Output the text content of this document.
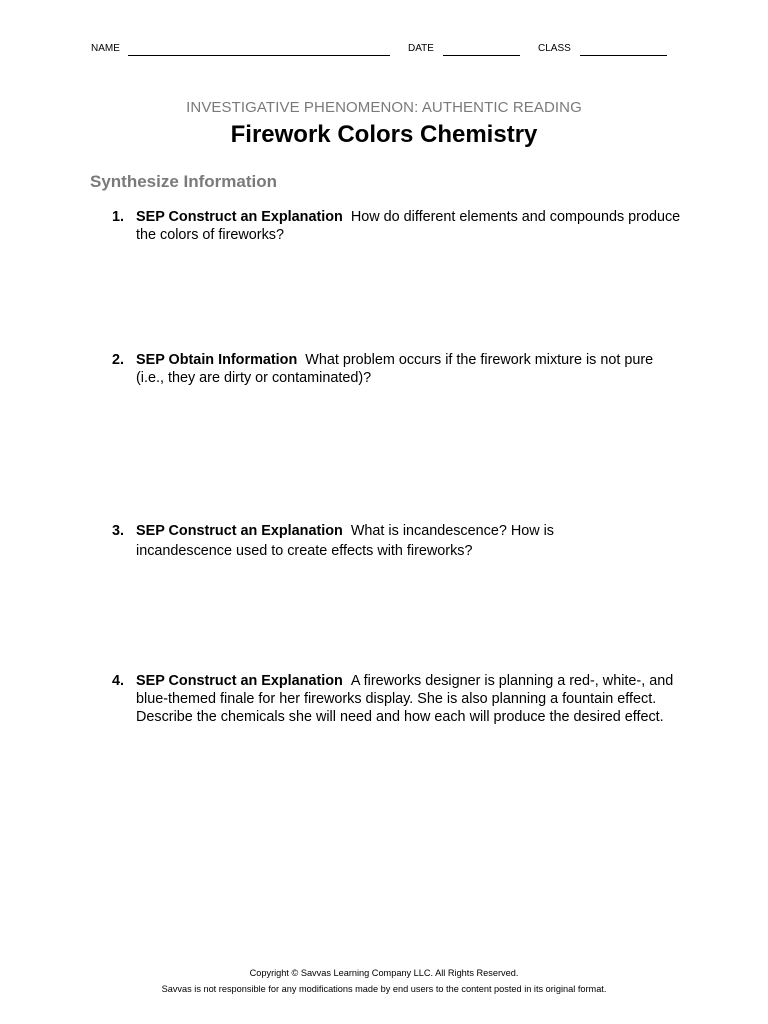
NAME	DATE	CLASS
INVESTIGATIVE PHENOMENON: AUTHENTIC READING
Firework Colors Chemistry
Synthesize Information
1. SEP Construct an Explanation How do different elements and compounds produce the colors of fireworks?
2. SEP Obtain Information What problem occurs if the firework mixture is not pure (i.e., they are dirty or contaminated)?
3. SEP Construct an Explanation What is incandescence? How is incandescence used to create effects with fireworks?
4. SEP Construct an Explanation A fireworks designer is planning a red-, white-, and blue-themed finale for her fireworks display. She is also planning a fountain effect. Describe the chemicals she will need and how each will produce the desired effect.
Copyright © Savvas Learning Company LLC. All Rights Reserved.
Savvas is not responsible for any modifications made by end users to the content posted in its original format.
